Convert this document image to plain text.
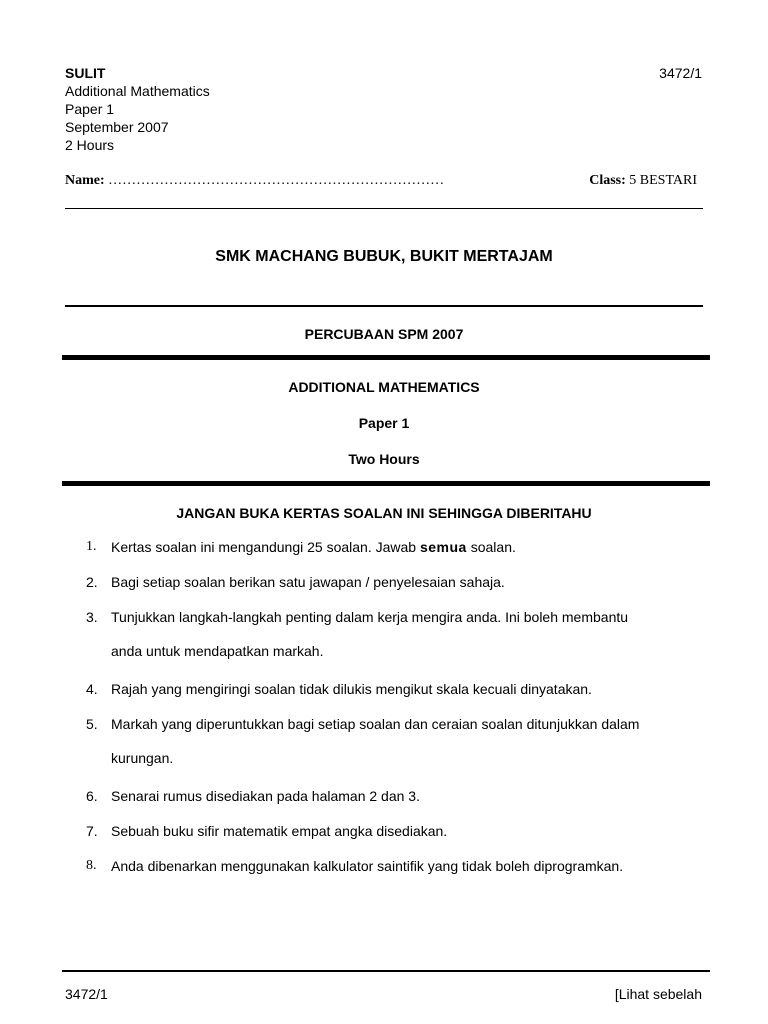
SULIT
Additional Mathematics
Paper 1
September 2007
2 Hours
3472/1
Name: ………………………………………………………………	Class: 5 BESTARI
SMK MACHANG BUBUK, BUKIT MERTAJAM
PERCUBAAN SPM 2007
ADDITIONAL MATHEMATICS
Paper 1
Two Hours
JANGAN BUKA KERTAS SOALAN INI SEHINGGA DIBERITAHU
1. Kertas soalan ini mengandungi 25 soalan. Jawab semua soalan.
2. Bagi setiap soalan berikan satu jawapan / penyelesaian sahaja.
3. Tunjukkan langkah-langkah penting dalam kerja mengira anda. Ini boleh membantu
anda untuk mendapatkan markah.
4. Rajah yang mengiringi soalan tidak dilukis mengikut skala kecuali dinyatakan.
5. Markah yang diperuntukkan bagi setiap soalan dan ceraian soalan ditunjukkan dalam
kurungan.
6. Senarai rumus disediakan pada halaman 2 dan 3.
7. Sebuah buku sifir matematik empat angka disediakan.
8. Anda dibenarkan menggunakan kalkulator saintifik yang tidak boleh diprogramkan.
3472/1	[Lihat sebelah
